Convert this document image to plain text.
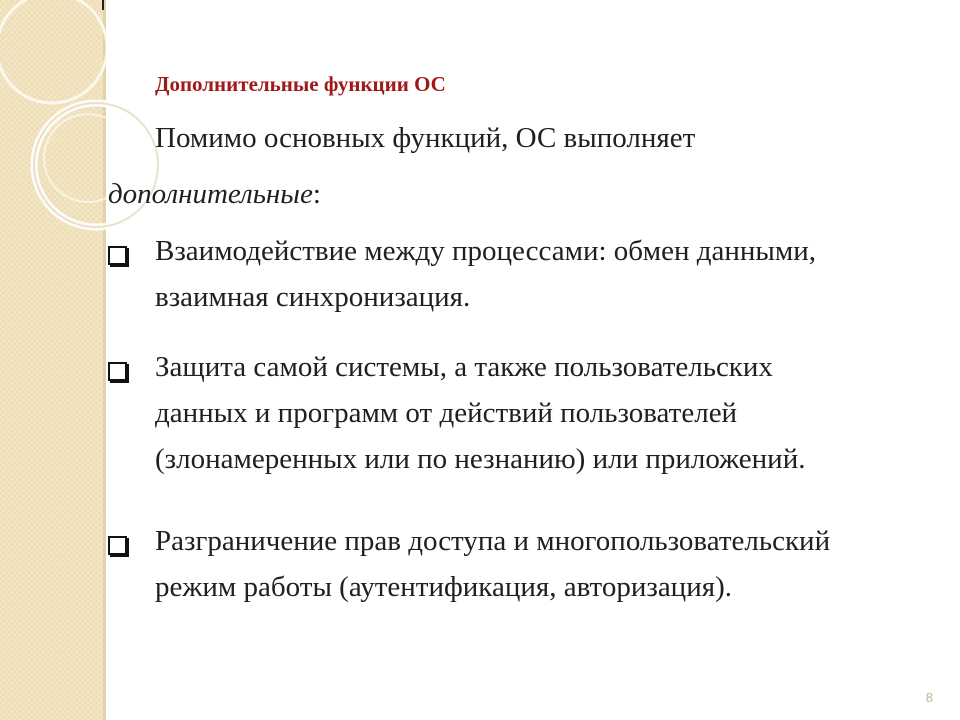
Дополнительные функции ОС
Помимо основных функций, ОС выполняет
дополнительные:
Взаимодействие между процессами: обмен данными,
взаимная синхронизация.
Защита самой системы, а также пользовательских
данных и программ от действий пользователей
(злонамеренных или по незнанию) или приложений.
Разграничение прав доступа и многопользовательский
режим работы (аутентификация, авторизация).
8
